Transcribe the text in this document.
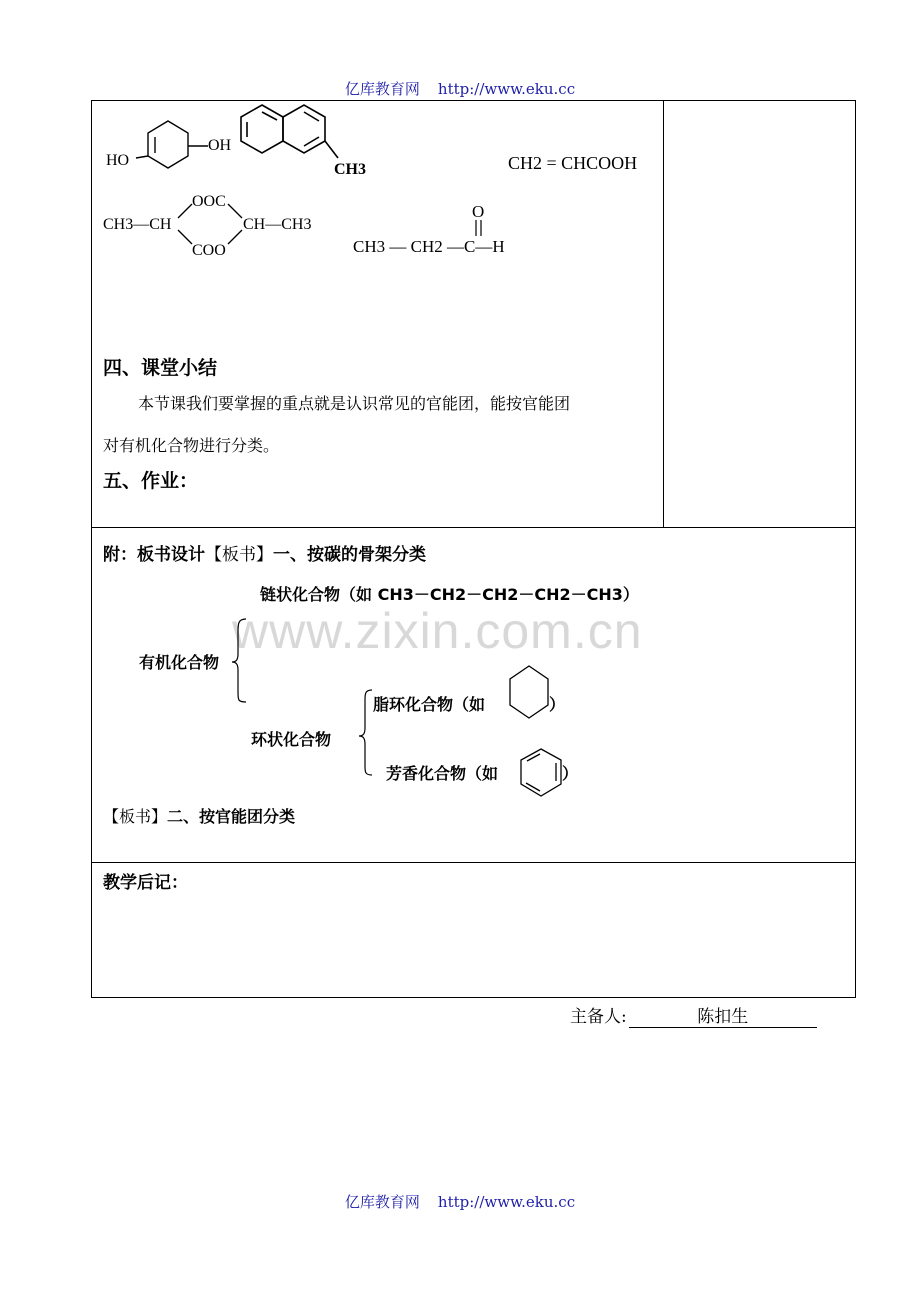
亿库教育网 http://www.eku.cc
HO
OH
CH3	CH2 = CHCOOH
CH3—CH
OOC
COO
CH—CH3
O
CH3 — CH2 —C—H
四、课堂小结
本节课我们要掌握的重点就是认识常见的官能团，能按官能团
对有机化合物进行分类。
五、作业：
附：板书设计【板书】一、按碳的骨架分类
链状化合物（如 CH3－CH2－CH2－CH2－CH3）
www.zixin.com.cn
有机化合物
环状化合物
脂环化合物（如	）
芳香化合物（如	）
【板书】二、按官能团分类
教学后记：
主备人:	陈扣生
亿库教育网 http://www.eku.cc
